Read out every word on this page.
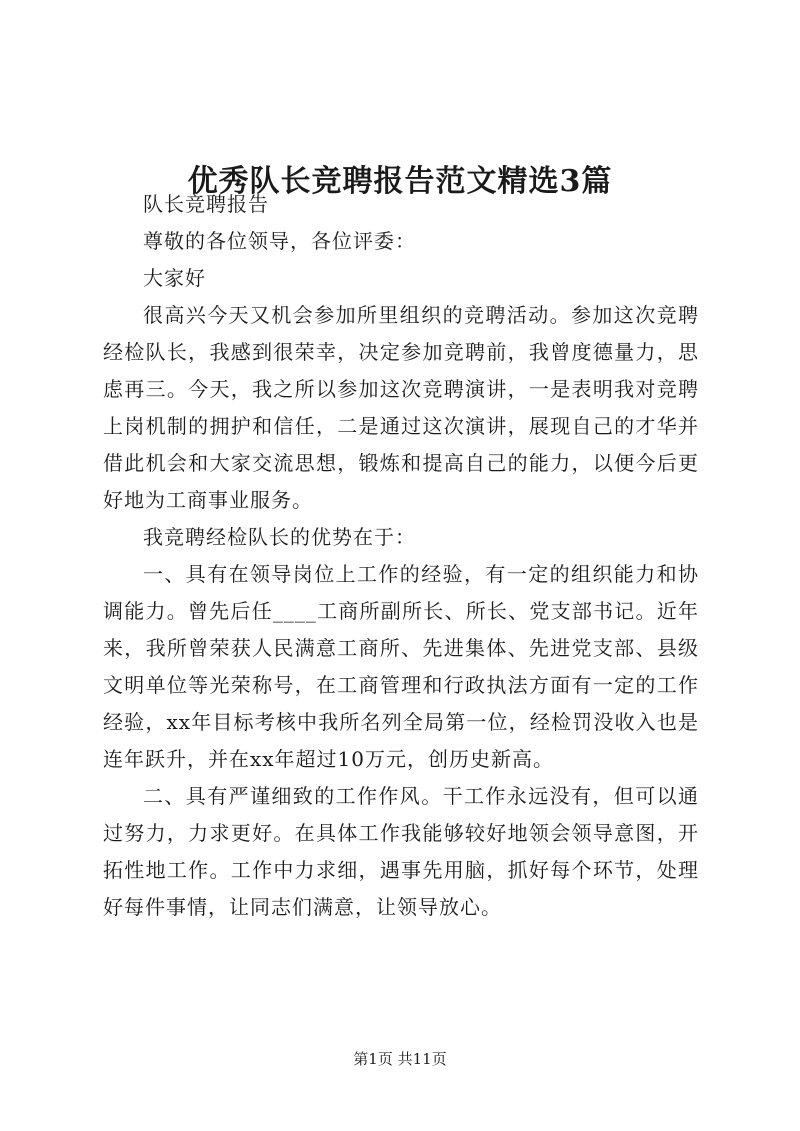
优秀队长竞聘报告范文精选3篇

队长竞聘报告

尊敬的各位领导，各位评委：

大家好

很高兴今天又机会参加所里组织的竞聘活动。参加这次竞聘经检队长，我感到很荣幸，决定参加竞聘前，我曾度德量力，思虑再三。今天，我之所以参加这次竞聘演讲，一是表明我对竞聘上岗机制的拥护和信任，二是通过这次演讲，展现自己的才华并借此机会和大家交流思想，锻炼和提高自己的能力，以便今后更好地为工商事业服务。

我竞聘经检队长的优势在于：

一、具有在领导岗位上工作的经验，有一定的组织能力和协调能力。曾先后任____工商所副所长、所长、党支部书记。近年来，我所曾荣获人民满意工商所、先进集体、先进党支部、县级文明单位等光荣称号，在工商管理和行政执法方面有一定的工作经验，xx年目标考核中我所名列全局第一位，经检罚没收入也是连年跃升，并在xx年超过10万元，创历史新高。

二、具有严谨细致的工作作风。干工作永远没有，但可以通过努力，力求更好。在具体工作我能够较好地领会领导意图，开拓性地工作。工作中力求细，遇事先用脑，抓好每个环节，处理好每件事情，让同志们满意，让领导放心。

第1页 共11页
